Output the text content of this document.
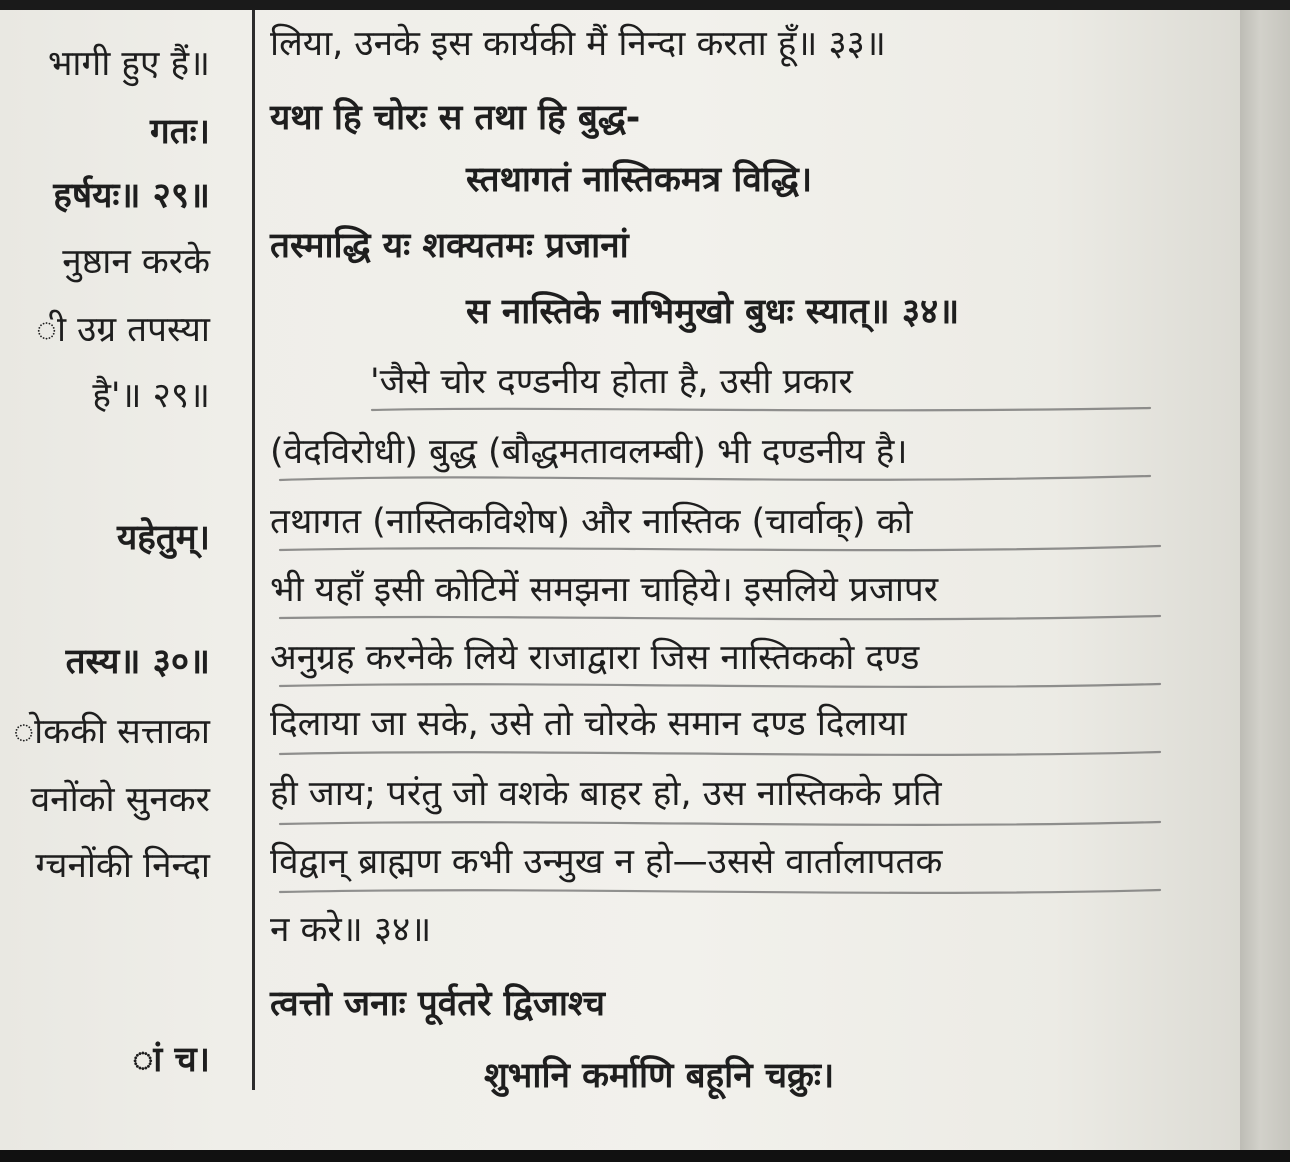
भागी हुए हैं॥
गतः।
हर्षयः॥ २९॥
नुष्ठान करके
ी उग्र तपस्या
है'॥ २९॥
यहेतुम्।
तस्य॥ ३०॥
ोककी सत्ताका
वनोंको सुनकर
ग्चनोंकी निन्दा
ां च।
लिया, उनके इस कार्यकी मैं निन्दा करता हूँ॥ ३३॥
यथा हि चोरः स तथा हि बुद्ध-
स्तथागतं नास्तिकमत्र विद्धि।
तस्माद्धि यः शक्यतमः प्रजानां
स नास्तिके नाभिमुखो बुधः स्यात्॥ ३४॥
'जैसे चोर दण्डनीय होता है, उसी प्रकार
(वेदविरोधी) बुद्ध (बौद्धमतावलम्बी) भी दण्डनीय है।
तथागत (नास्तिकविशेष) और नास्तिक (चार्वाक्) को
भी यहाँ इसी कोटिमें समझना चाहिये। इसलिये प्रजापर
अनुग्रह करनेके लिये राजाद्वारा जिस नास्तिकको दण्ड
दिलाया जा सके, उसे तो चोरके समान दण्ड दिलाया
ही जाय; परंतु जो वशके बाहर हो, उस नास्तिकके प्रति
विद्वान् ब्राह्मण कभी उन्मुख न हो—उससे वार्तालापतक
न करे॥ ३४॥
त्वत्तो जनाः पूर्वतरे द्विजाश्च
शुभानि कर्माणि बहूनि चक्रुः।
